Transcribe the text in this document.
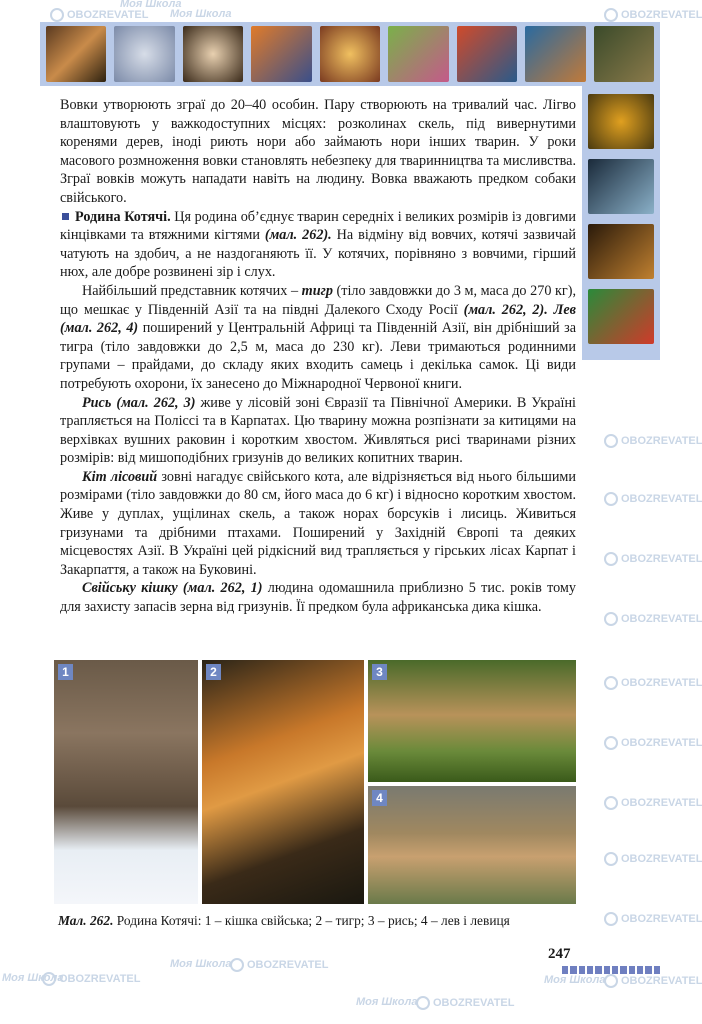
Моя Школа
OBOZREVATEL Моя Школа	OBOZREVATEL
OBOZREVATEL
OBOZREVATEL
OBOZREVATEL
OBOZREVATEL
OBOZREVATEL
OBOZREVATEL
OBOZREVATEL
OBOZREVATEL
OBOZREVATEL
OBOZREVATEL
Моя Школа
Моя Школа
OBOZREVATEL
Моя Школа	OBOZREVATEL
Моя Школа	OBOZREVATEL

Вовки утворюють зграї до 20–40 особин. Пару створюють на тривалий час. Лігво влаштовують у важкодоступних місцях: розколинах скель, під вивернутими коренями дерев, іноді риють нори або займають нори інших тварин. У роки масового розмноження вовки становлять небезпеку для тваринництва та мисливства. Зграї вовків можуть нападати навіть на людину. Вовка вважають предком собаки свійського.

Родина Котячі. Ця родина об’єднує тварин середніх і великих розмірів із довгими кінцівками та втяжними кігтями (мал. 262). На відміну від вовчих, котячі зазвичай чатують на здобич, а не наздоганяють її. У котячих, порівняно з вовчими, гірший нюх, але добре розвинені зір і слух.

Найбільший представник котячих – тигр (тіло завдовжки до 3 м, маса до 270 кг), що мешкає у Південній Азії та на півдні Далекого Сходу Росії (мал. 262, 2). Лев (мал. 262, 4) поширений у Центральній Африці та Південній Азії, він дрібніший за тигра (тіло завдовжки до 2,5 м, маса до 230 кг). Леви тримаються родинними групами – прайдами, до складу яких входить самець і декілька самок. Ці види потребують охорони, їх занесено до Міжнародної Червоної книги.

Рись (мал. 262, 3) живе у лісовій зоні Євразії та Північної Америки. В Україні трапляється на Поліссі та в Карпатах. Цю тварину можна розпізнати за китицями на верхівках вушних раковин і коротким хвостом. Живляться рисі тваринами різних розмірів: від мишоподібних гризунів до великих копитних тварин.

Кіт лісовий зовні нагадує свійського кота, але відрізняється від нього більшими розмірами (тіло завдовжки до 80 см, його маса до 6 кг) і відносно коротким хвостом. Живе у дуплах, ущілинах скель, а також норах борсуків і лисиць. Живиться гризунами та дрібними птахами. Поширений у Західній Європі та деяких місцевостях Азії. В Україні цей рідкісний вид трапляється у гірських лісах Карпат і Закарпаття, а також на Буковині.

Свійську кішку (мал. 262, 1) людина одомашнила приблизно 5 тис. років тому для захисту запасів зерна від гризунів. Її предком була африканська дика кішка.

1	2	3
4
Мал. 262. Родина Котячі: 1 – кішка свійська; 2 – тигр; 3 – рись; 4 – лев і левиця
247
